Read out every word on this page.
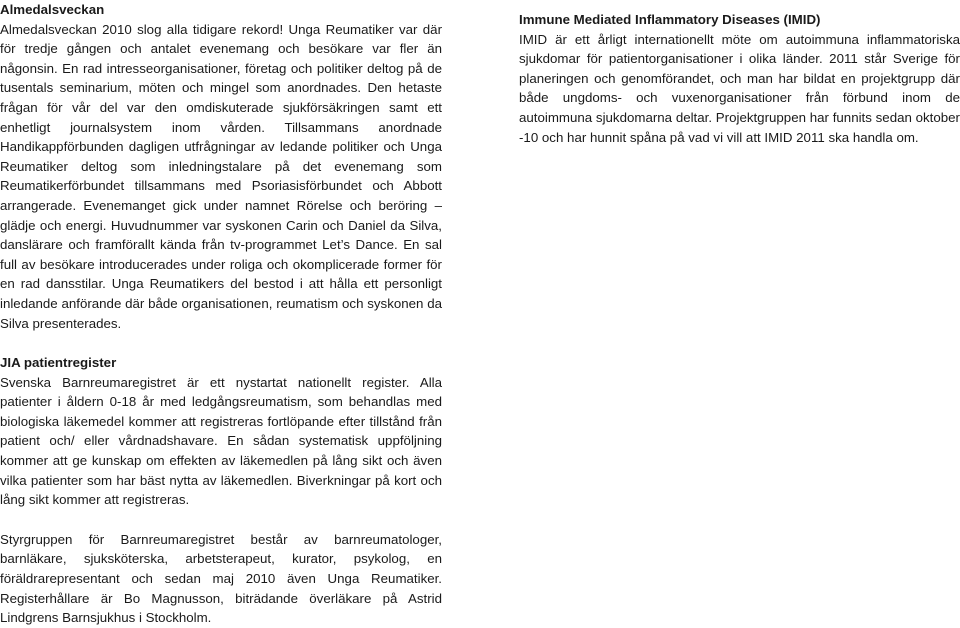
Almedalsveckan

Almedalsveckan 2010 slog alla tidigare rekord! Unga Reumatiker var där för tredje gången och antalet evenemang och besökare var fler än någonsin. En rad intresseorganisationer, företag och politiker deltog på de tusentals seminarium, möten och mingel som anordnades. Den hetaste frågan för vår del var den omdiskuterade sjukförsäkringen samt ett enhetligt journalsystem inom vården. Tillsammans anordnade Handikappförbunden dagligen utfrågningar av ledande politiker och Unga Reumatiker deltog som inledningstalare på det evenemang som Reumatikerförbundet tillsammans med Psoriasisförbundet och Abbott arrangerade. Evenemanget gick under namnet Rörelse och beröring – glädje och energi. Huvudnummer var syskonen Carin och Daniel da Silva, danslärare och framförallt kända från tv-programmet Let’s Dance. En sal full av besökare introducerades under roliga och okomplicerade former för en rad dansstilar. Unga Reumatikers del bestod i att hålla ett personligt inledande anförande där både organisationen, reumatism och syskonen da Silva presenterades.

JIA patientregister

Svenska Barnreumaregistret är ett nystartat nationellt register. Alla patienter i åldern 0-18 år med ledgångsreumatism, som behandlas med biologiska läkemedel kommer att registreras fortlöpande efter tillstånd från patient och/ eller vårdnadshavare. En sådan systematisk uppföljning kommer att ge kunskap om effekten av läkemedlen på lång sikt och även vilka patienter som har bäst nytta av läkemedlen. Biverkningar på kort och lång sikt kommer att registreras.

Styrgruppen för Barnreumaregistret består av barnreumatologer, barnläkare, sjuksköterska, arbetsterapeut, kurator, psykolog, en föräldrarepresentant och sedan maj 2010 även Unga Reumatiker. Registerhållare är Bo Magnusson, biträdande överläkare på Astrid Lindgrens Barnsjukhus i Stockholm.

Immune Mediated Inflammatory Diseases (IMID)

IMID är ett årligt internationellt möte om autoimmuna inflammatoriska sjukdomar för patientorganisationer i olika länder. 2011 står Sverige för planeringen och genomförandet, och man har bildat en projektgrupp där både ungdoms- och vuxenorganisationer från förbund inom de autoimmuna sjukdomarna deltar. Projektgruppen har funnits sedan oktober -10 och har hunnit spåna på vad vi vill att IMID 2011 ska handla om.
